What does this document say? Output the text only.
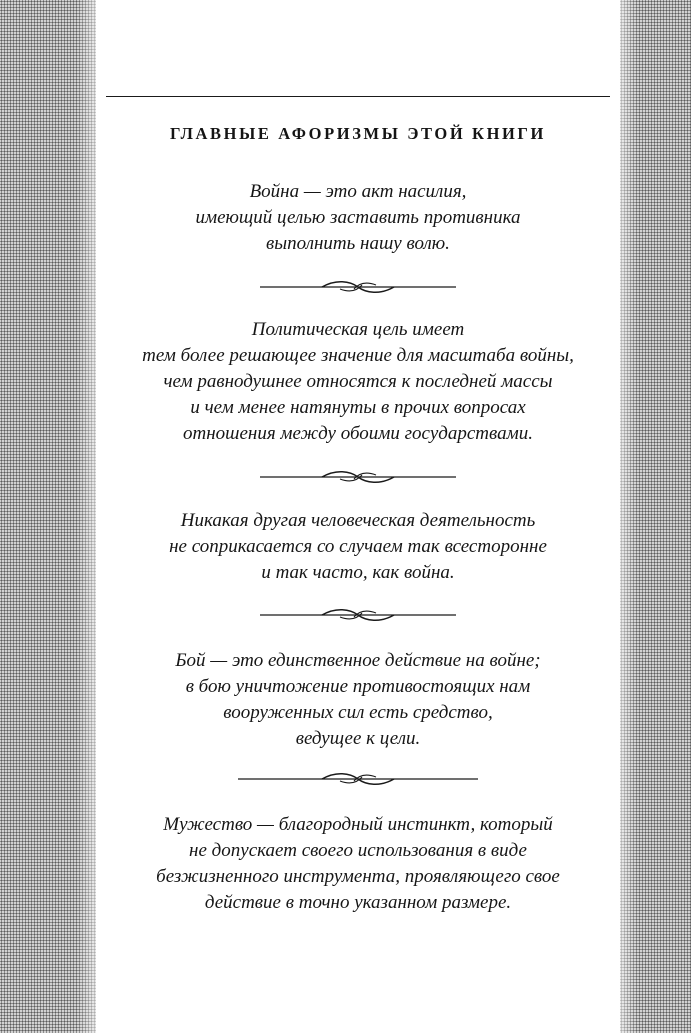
ГЛАВНЫЕ АФОРИЗМЫ ЭТОЙ КНИГИ
Война — это акт насилия,
имеющий целью заставить противника
выполнить нашу волю.
Политическая цель имеет
тем более решающее значение для масштаба войны,
чем равнодушнее относятся к последней массы
и чем менее натянуты в прочих вопросах
отношения между обоими государствами.
Никакая другая человеческая деятельность
не соприкасается со случаем так всесторонне
и так часто, как война.
Бой — это единственное действие на войне;
в бою уничтожение противостоящих нам
вооруженных сил есть средство,
ведущее к цели.
Мужество — благородный инстинкт, который
не допускает своего использования в виде
безжизненного инструмента, проявляющего свое
действие в точно указанном размере.
